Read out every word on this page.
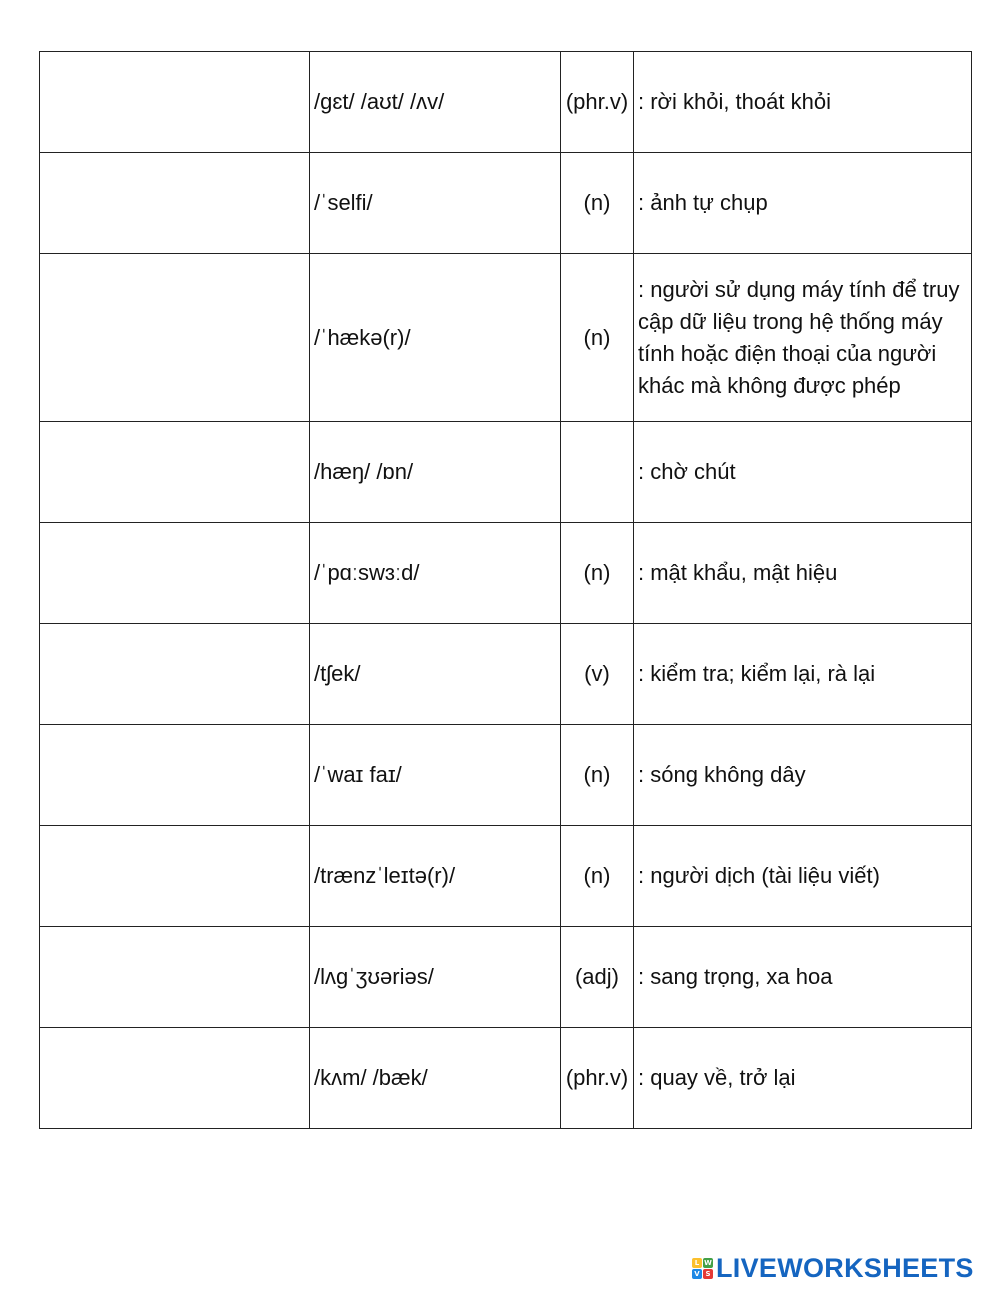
	/ɡɛt/ /aʊt/ /ʌv/	(phr.v)	: rời khỏi, thoát khỏi

	/ˈselfi/	(n)	: ảnh tự chụp

	/ˈhækə(r)/	(n)	: người sử dụng máy tính để truy cập dữ liệu trong hệ thống máy tính hoặc điện thoại của người khác mà không được phép

	/hæŋ/ /ɒn/		: chờ chút

	/ˈpɑːswɜːd/	(n)	: mật khẩu, mật hiệu

	/tʃek/	(v)	: kiểm tra; kiểm lại, rà lại

	/ˈwaɪ faɪ/	(n)	: sóng không dây

	/trænzˈleɪtə(r)/	(n)	: người dịch (tài liệu viết)

	/lʌɡˈʒʊəriəs/	(adj)	: sang trọng, xa hoa

	/kʌm/ /bæk/	(phr.v)	: quay về, trở lại
L W
V S LIVEWORKSHEETS
